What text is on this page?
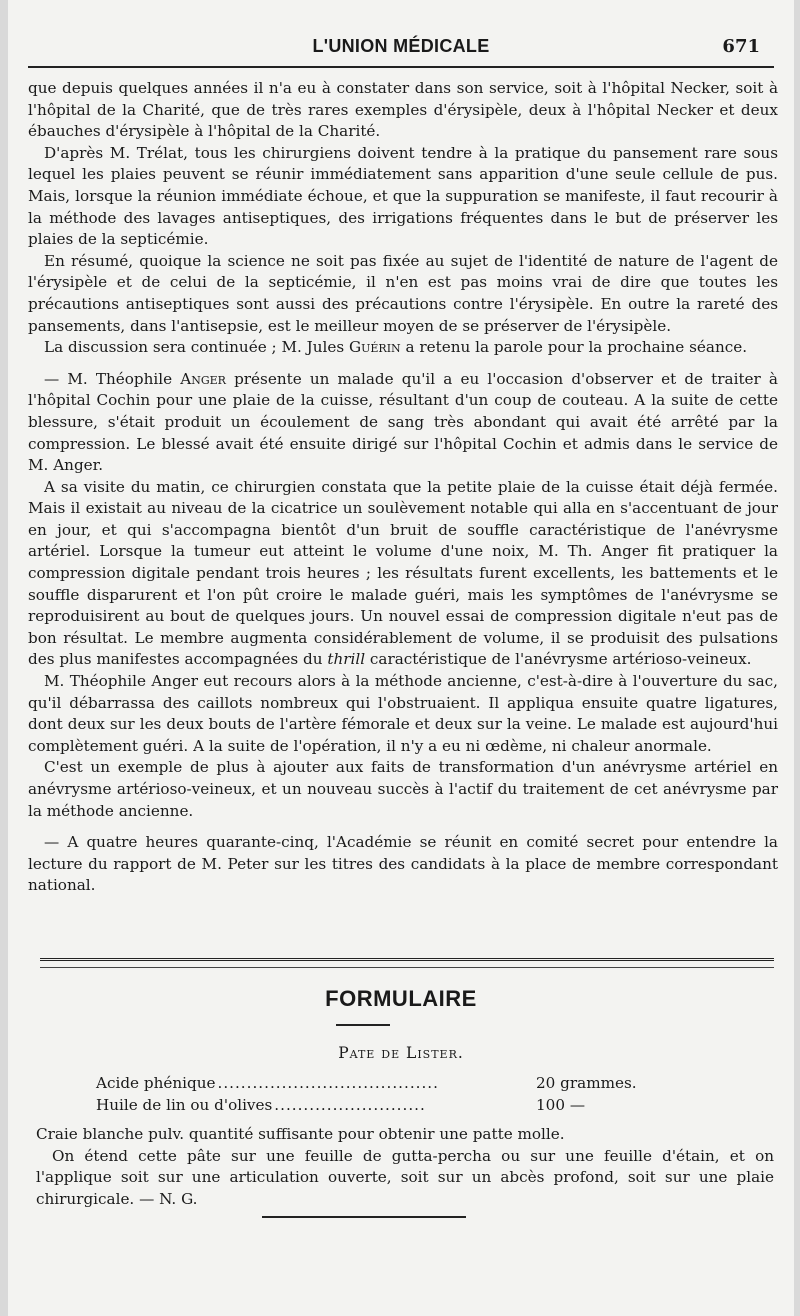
L'UNION MÉDICALE	671

que depuis quelques années il n'a eu à constater dans son service, soit à l'hôpital Necker, soit à l'hôpital de la Charité, que de très rares exemples d'érysipèle, deux à l'hôpital Necker et deux ébauches d'érysipèle à l'hôpital de la Charité.

D'après M. Trélat, tous les chirurgiens doivent tendre à la pratique du pansement rare sous lequel les plaies peuvent se réunir immédiatement sans apparition d'une seule cellule de pus. Mais, lorsque la réunion immédiate échoue, et que la suppuration se manifeste, il faut recourir à la méthode des lavages antiseptiques, des irrigations fréquentes dans le but de préserver les plaies de la septicémie.

En résumé, quoique la science ne soit pas fixée au sujet de l'identité de nature de l'agent de l'érysipèle et de celui de la septicémie, il n'en est pas moins vrai de dire que toutes les précautions antiseptiques sont aussi des précautions contre l'érysipèle. En outre la rareté des pansements, dans l'antisepsie, est le meilleur moyen de se préserver de l'érysipèle.

La discussion sera continuée ; M. Jules Guérin a retenu la parole pour la prochaine séance.

— M. Théophile Anger présente un malade qu'il a eu l'occasion d'observer et de traiter à l'hôpital Cochin pour une plaie de la cuisse, résultant d'un coup de couteau. A la suite de cette blessure, s'était produit un écoulement de sang très abondant qui avait été arrêté par la compression. Le blessé avait été ensuite dirigé sur l'hôpital Cochin et admis dans le service de M. Anger.

A sa visite du matin, ce chirurgien constata que la petite plaie de la cuisse était déjà fermée. Mais il existait au niveau de la cicatrice un soulèvement notable qui alla en s'accentuant de jour en jour, et qui s'accompagna bientôt d'un bruit de souffle caractéristique de l'anévrysme artériel. Lorsque la tumeur eut atteint le volume d'une noix, M. Th. Anger fit pratiquer la compression digitale pendant trois heures ; les résultats furent excellents, les battements et le souffle disparurent et l'on pût croire le malade guéri, mais les symptômes de l'anévrysme se reproduisirent au bout de quelques jours. Un nouvel essai de compression digitale n'eut pas de bon résultat. Le membre augmenta considérablement de volume, il se produisit des pulsations des plus manifestes accompagnées du thrill caractéristique de l'anévrysme artérioso-veineux.

M. Théophile Anger eut recours alors à la méthode ancienne, c'est-à-dire à l'ouverture du sac, qu'il débarrassa des caillots nombreux qui l'obstruaient. Il appliqua ensuite quatre ligatures, dont deux sur les deux bouts de l'artère fémorale et deux sur la veine. Le malade est aujourd'hui complètement guéri. A la suite de l'opération, il n'y a eu ni œdème, ni chaleur anormale.

C'est un exemple de plus à ajouter aux faits de transformation d'un anévrysme artériel en anévrysme artérioso-veineux, et un nouveau succès à l'actif du traitement de cet anévrysme par la méthode ancienne.

— A quatre heures quarante-cinq, l'Académie se réunit en comité secret pour entendre la lecture du rapport de M. Peter sur les titres des candidats à la place de membre correspondant national.

FORMULAIRE
Pate de Lister.
Acide phénique ......................................	20 grammes.
Huile de lin ou d'olives ..........................	100 —

Craie blanche pulv. quantité suffisante pour obtenir une patte molle.

On étend cette pâte sur une feuille de gutta-percha ou sur une feuille d'étain, et on l'applique soit sur une articulation ouverte, soit sur un abcès profond, soit sur une plaie chirurgicale. — N. G.
